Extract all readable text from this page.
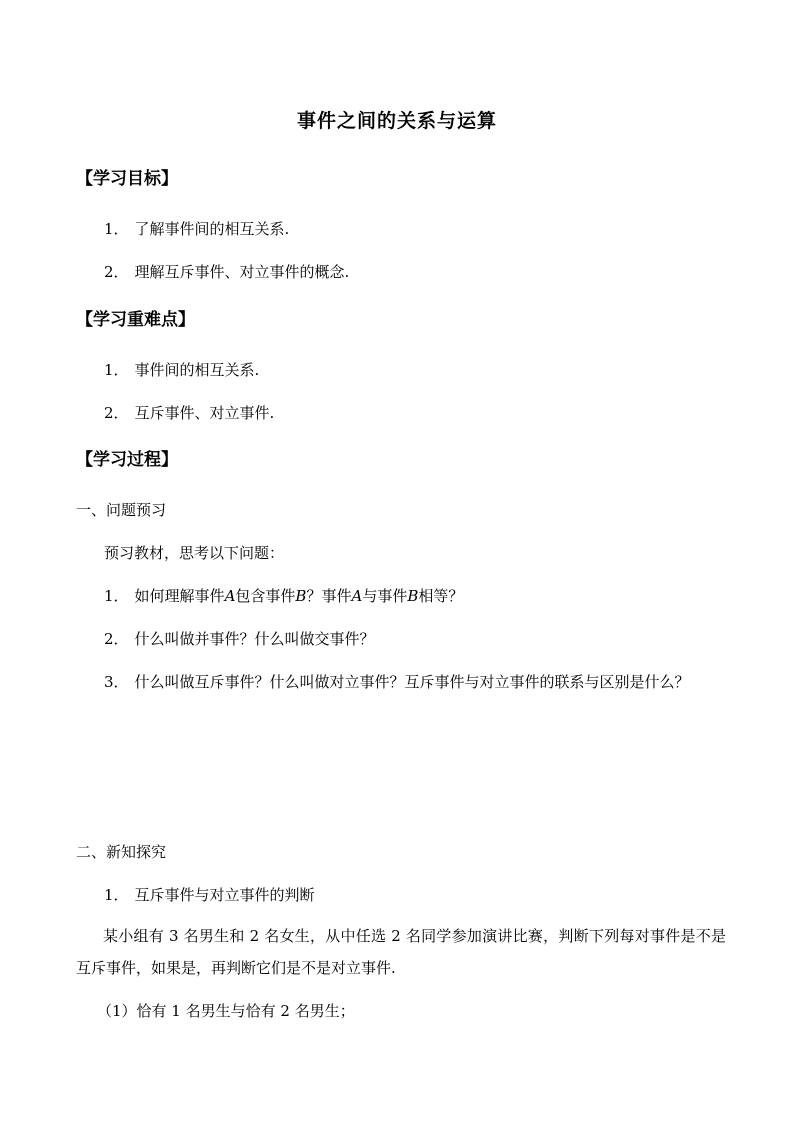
事件之间的关系与运算
【学习目标】
1． 了解事件间的相互关系.
2． 理解互斥事件、对立事件的概念.
【学习重难点】
1． 事件间的相互关系.
2． 互斥事件、对立事件.
【学习过程】
一、问题预习
预习教材，思考以下问题：
1． 如何理解事件A包含事件B？事件A与事件B相等？
2． 什么叫做并事件？什么叫做交事件？
3． 什么叫做互斥事件？什么叫做对立事件？互斥事件与对立事件的联系与区别是什么？
二、新知探究
1． 互斥事件与对立事件的判断
某小组有 3 名男生和 2 名女生，从中任选 2 名同学参加演讲比赛，判断下列每对事件是不是互斥事件，如果是，再判断它们是不是对立事件.
（1）恰有 1 名男生与恰有 2 名男生；
